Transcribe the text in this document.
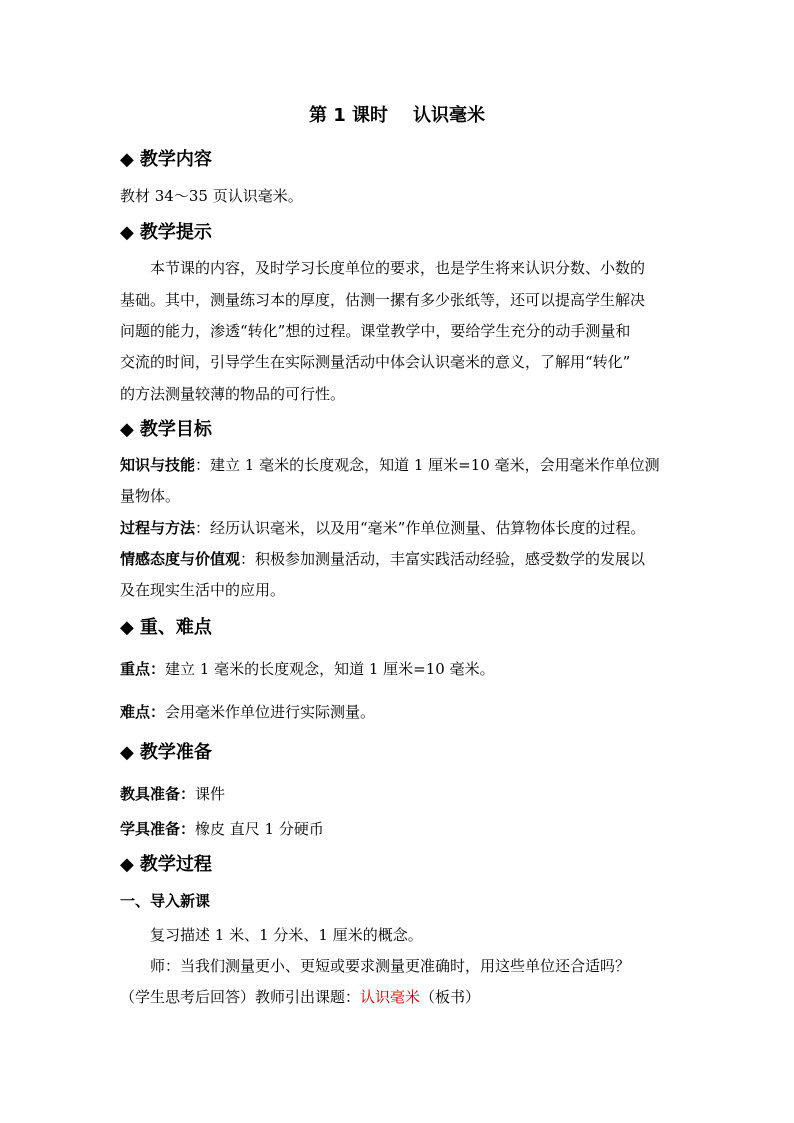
第 1 课时    认识毫米
◆ 教学内容
教材 34～35 页认识毫米。
◆ 教学提示
本节课的内容，及时学习长度单位的要求，也是学生将来认识分数、小数的
基础。其中，测量练习本的厚度，估测一摞有多少张纸等，还可以提高学生解决
问题的能力，渗透“转化”想的过程。课堂教学中，要给学生充分的动手测量和
交流的时间，引导学生在实际测量活动中体会认识毫米的意义，了解用“转化”
的方法测量较薄的物品的可行性。
◆ 教学目标
知识与技能：建立 1 毫米的长度观念，知道 1 厘米=10 毫米，会用毫米作单位测
量物体。
过程与方法：经历认识毫米，以及用“毫米”作单位测量、估算物体长度的过程。
情感态度与价值观：积极参加测量活动，丰富实践活动经验，感受数学的发展以
及在现实生活中的应用。
◆ 重、难点
重点：建立 1 毫米的长度观念，知道 1 厘米=10 毫米。
难点：会用毫米作单位进行实际测量。
◆ 教学准备
教具准备：课件
学具准备：橡皮 直尺 1 分硬币
◆ 教学过程
一、导入新课
复习描述 1 米、1 分米、1 厘米的概念。
师：当我们测量更小、更短或要求测量更准确时，用这些单位还合适吗？
（学生思考后回答）教师引出课题：认识毫米（板书）
